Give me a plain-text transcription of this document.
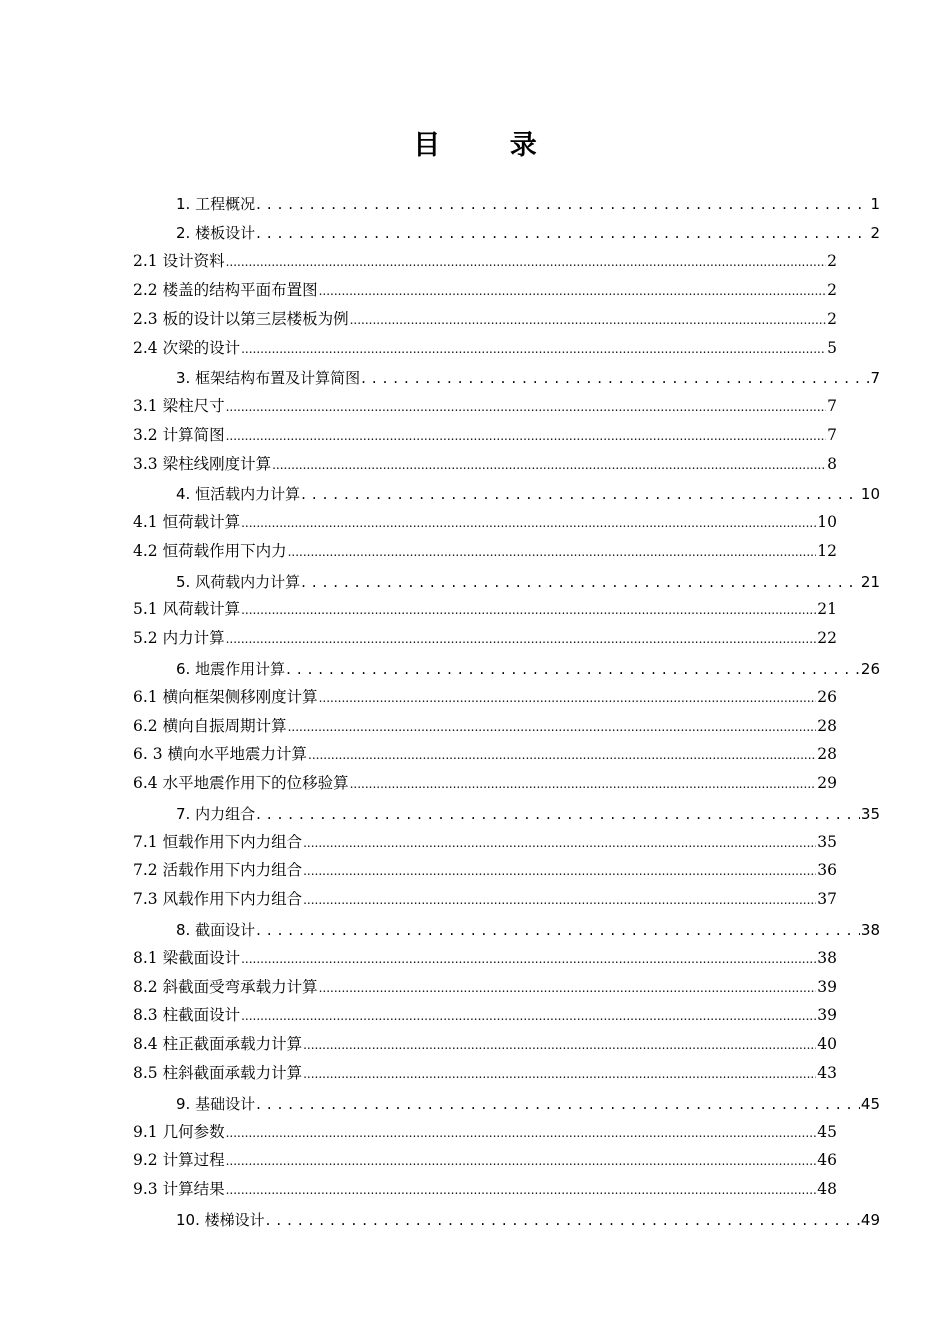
目 录
1. 工程概况 . . .	1
2. 楼板设计 . . .	2
2.1 设计资料 .....	2
2.2 楼盖的结构平面布置图 .....	2
2.3 板的设计以第三层楼板为例 .....	2
2.4 次梁的设计 .....	5
3. 框架结构布置及计算简图 . . .	7
3.1 梁柱尺寸 .....	7
3.2 计算简图 .....	7
3.3 梁柱线刚度计算 .....	8
4. 恒活载内力计算 . . .	10
4.1 恒荷载计算 .....	10
4.2 恒荷载作用下内力 .....	12
5. 风荷载内力计算 . . .	21
5.1 风荷载计算 .....	21
5.2 内力计算 .....	22
6. 地震作用计算 . . .	26
6.1 横向框架侧移刚度计算 .....	26
6.2 横向自振周期计算 .....	28
6. 3 横向水平地震力计算 .....	28
6.4 水平地震作用下的位移验算 .....	29
7. 内力组合 . . .	35
7.1 恒载作用下内力组合 .....	35
7.2 活载作用下内力组合 .....	36
7.3 风载作用下内力组合 .....	37
8. 截面设计 . . .	38
8.1 梁截面设计 .....	38
8.2 斜截面受弯承载力计算 .....	39
8.3 柱截面设计 .....	39
8.4 柱正截面承载力计算 .....	40
8.5 柱斜截面承载力计算 .....	43
9. 基础设计 . . .	45
9.1 几何参数 .....	45
9.2 计算过程 .....	46
9.3 计算结果 .....	48
10. 楼梯设计 . . .	49
